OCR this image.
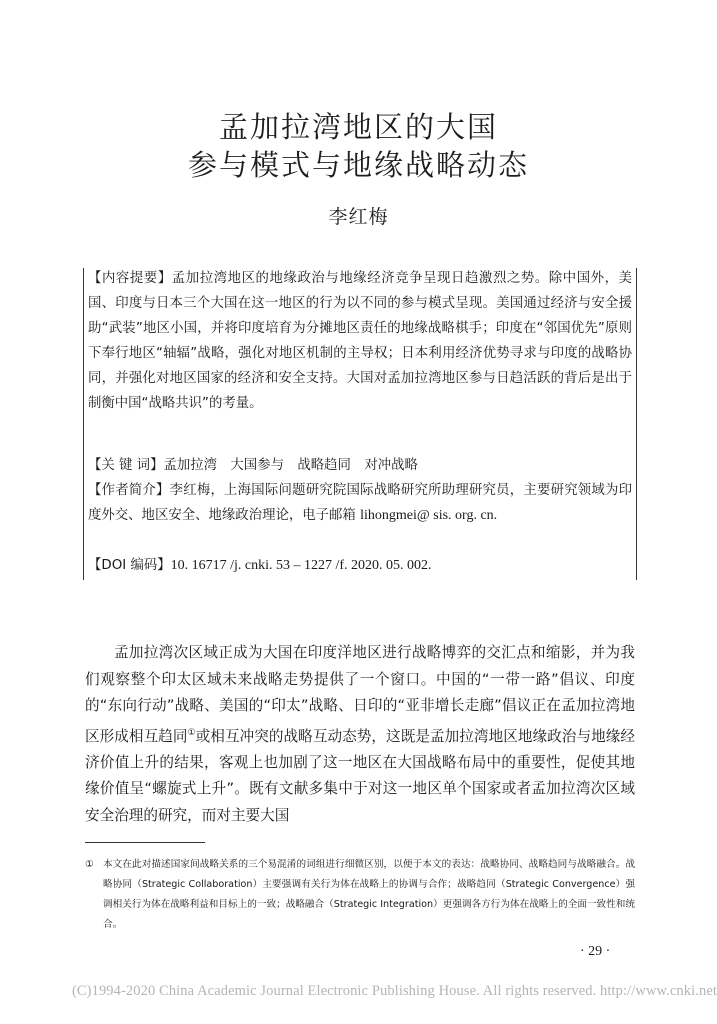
孟加拉湾地区的大国
参与模式与地缘战略动态
李红梅
【内容提要】孟加拉湾地区的地缘政治与地缘经济竞争呈现日趋激烈之势。除中国外，美国、印度与日本三个大国在这一地区的行为以不同的参与模式呈现。美国通过经济与安全援助“武装”地区小国，并将印度培育为分摊地区责任的地缘战略棋手；印度在“邻国优先”原则下奉行地区“轴辐”战略，强化对地区机制的主导权；日本利用经济优势寻求与印度的战略协同，并强化对地区国家的经济和安全支持。大国对孟加拉湾地区参与日趋活跃的背后是出于制衡中国“战略共识”的考量。
【关 键 词】孟加拉湾　大国参与　战略趋同　对冲战略
【作者简介】李红梅，上海国际问题研究院国际战略研究所助理研究员，主要研究领域为印度外交、地区安全、地缘政治理论，电子邮箱 lihongmei@ sis. org. cn.
【DOI 编码】10. 16717 /j. cnki. 53 – 1227 /f. 2020. 05. 002.

孟加拉湾次区域正成为大国在印度洋地区进行战略博弈的交汇点和缩影，并为我们观察整个印太区域未来战略走势提供了一个窗口。中国的“一带一路”倡议、印度的“东向行动”战略、美国的“印太”战略、日印的“亚非增长走廊”倡议正在孟加拉湾地区形成相互趋同①或相互冲突的战略互动态势，这既是孟加拉湾地区地缘政治与地缘经济价值上升的结果，客观上也加剧了这一地区在大国战略布局中的重要性，促使其地缘价值呈“螺旋式上升”。既有文献多集中于对这一地区单个国家或者孟加拉湾次区域安全治理的研究，而对主要大国

① 本文在此对描述国家间战略关系的三个易混淆的词组进行细微区别，以便于本文的表达：战略协同、战略趋同与战略融合。战略协同（Strategic Collaboration）主要强调有关行为体在战略上的协调与合作；战略趋同（Strategic Convergence）强调相关行为体在战略利益和目标上的一致；战略融合（Strategic Integration）更强调各方行为体在战略上的全面一致性和统合。
· 29 ·
(C)1994-2020 China Academic Journal Electronic Publishing House. All rights reserved. http://www.cnki.net
